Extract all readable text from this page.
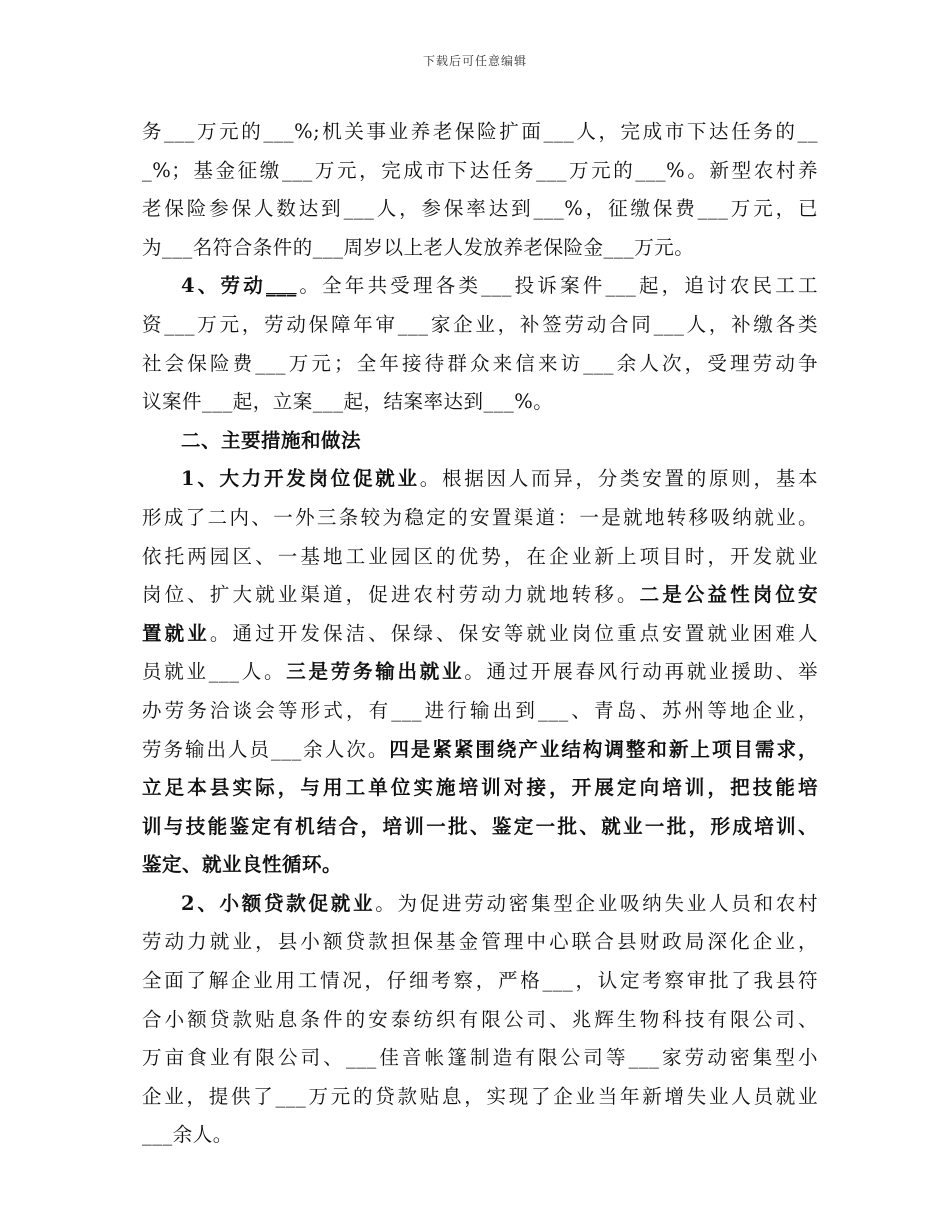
下载后可任意编辑
务___万元的___%;机关事业养老保险扩面___人，完成市下达任务的__
_%；基金征缴___万元，完成市下达任务___万元的___%。新型农村养
老保险参保人数达到___人，参保率达到___%，征缴保费___万元，已
为___名符合条件的___周岁以上老人发放养老保险金___万元。
4、劳动___。全年共受理各类___投诉案件___起，追讨农民工工
资___万元，劳动保障年审___家企业，补签劳动合同___人，补缴各类
社会保险费___万元；全年接待群众来信来访___余人次，受理劳动争
议案件___起，立案___起，结案率达到___%。
二、主要措施和做法
1、大力开发岗位促就业。根据因人而异，分类安置的原则，基本
形成了二内、一外三条较为稳定的安置渠道：一是就地转移吸纳就业。
依托两园区、一基地工业园区的优势，在企业新上项目时，开发就业
岗位、扩大就业渠道，促进农村劳动力就地转移。二是公益性岗位安
置就业。通过开发保洁、保绿、保安等就业岗位重点安置就业困难人
员就业___人。三是劳务输出就业。通过开展春风行动再就业援助、举
办劳务洽谈会等形式，有___进行输出到___、青岛、苏州等地企业，
劳务输出人员___余人次。四是紧紧围绕产业结构调整和新上项目需求，
立足本县实际，与用工单位实施培训对接，开展定向培训，把技能培
训与技能鉴定有机结合，培训一批、鉴定一批、就业一批，形成培训、
鉴定、就业良性循环。
2、小额贷款促就业。为促进劳动密集型企业吸纳失业人员和农村
劳动力就业，县小额贷款担保基金管理中心联合县财政局深化企业，
全面了解企业用工情况，仔细考察，严格___，认定考察审批了我县符
合小额贷款贴息条件的安泰纺织有限公司、兆辉生物科技有限公司、
万亩食业有限公司、___佳音帐篷制造有限公司等___家劳动密集型小
企业，提供了___万元的贷款贴息，实现了企业当年新增失业人员就业
___余人。
